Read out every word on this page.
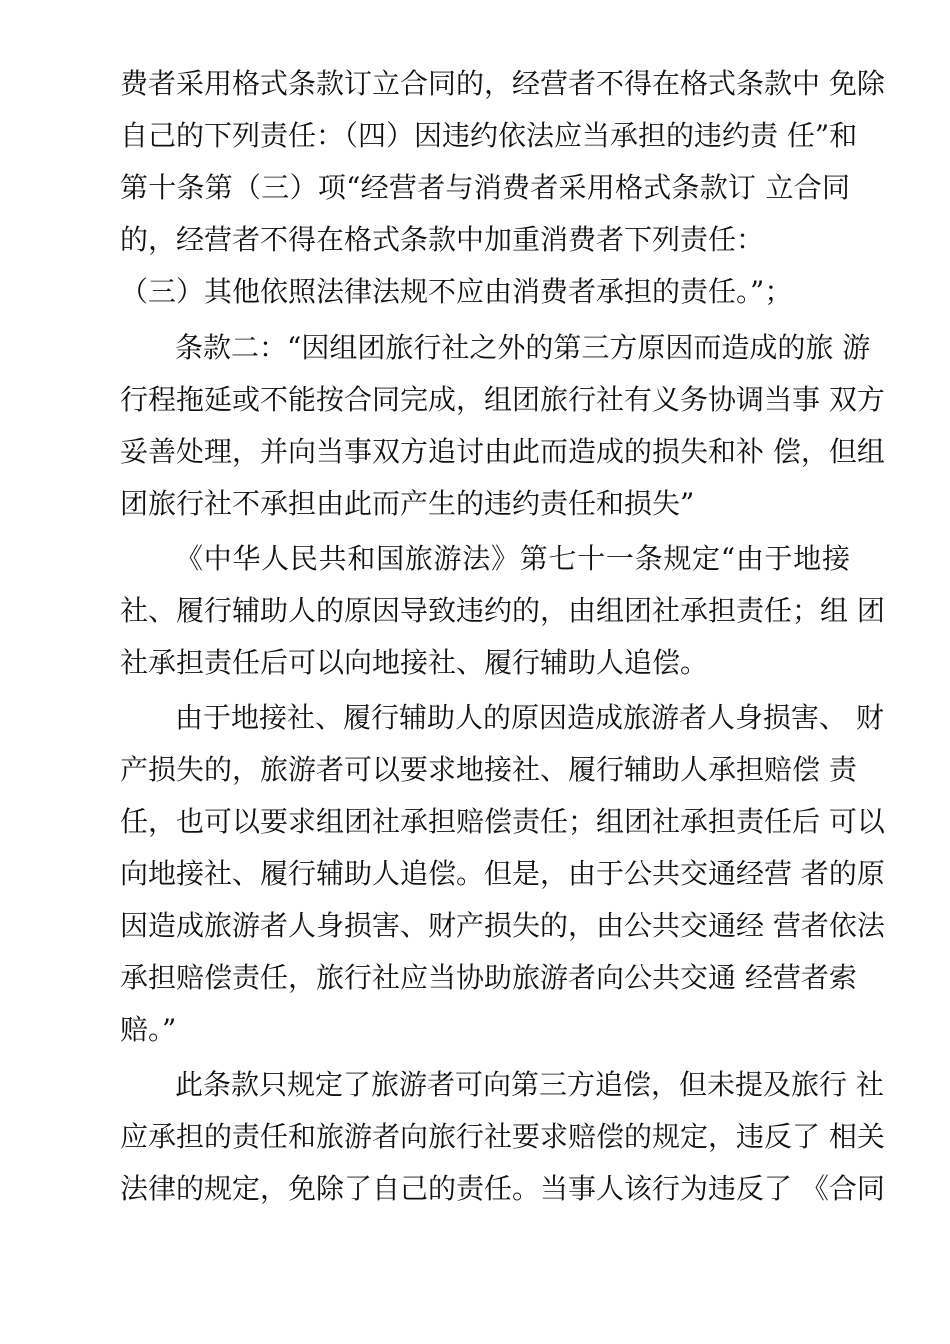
费者采用格式条款订立合同的，经营者不得在格式条款中 免除
自己的下列责任：（四）因违约依法应当承担的违约责 任”和
第十条第（三）项“经营者与消费者采用格式条款订 立合同
的，经营者不得在格式条款中加重消费者下列责任：
（三）其他依照法律法规不应由消费者承担的责任。”；
条款二：“因组团旅行社之外的第三方原因而造成的旅 游
行程拖延或不能按合同完成，组团旅行社有义务协调当事 双方
妥善处理，并向当事双方追讨由此而造成的损失和补 偿，但组
团旅行社不承担由此而产生的违约责任和损失”
《中华人民共和国旅游法》第七十一条规定“由于地接
社、履行辅助人的原因导致违约的，由组团社承担责任；组 团
社承担责任后可以向地接社、履行辅助人追偿。
由于地接社、履行辅助人的原因造成旅游者人身损害、 财
产损失的，旅游者可以要求地接社、履行辅助人承担赔偿 责
任，也可以要求组团社承担赔偿责任；组团社承担责任后 可以
向地接社、履行辅助人追偿。但是，由于公共交通经营 者的原
因造成旅游者人身损害、财产损失的，由公共交通经 营者依法
承担赔偿责任，旅行社应当协助旅游者向公共交通 经营者索
赔。”
此条款只规定了旅游者可向第三方追偿，但未提及旅行 社
应承担的责任和旅游者向旅行社要求赔偿的规定，违反了 相关
法律的规定，免除了自己的责任。当事人该行为违反了 《合同
